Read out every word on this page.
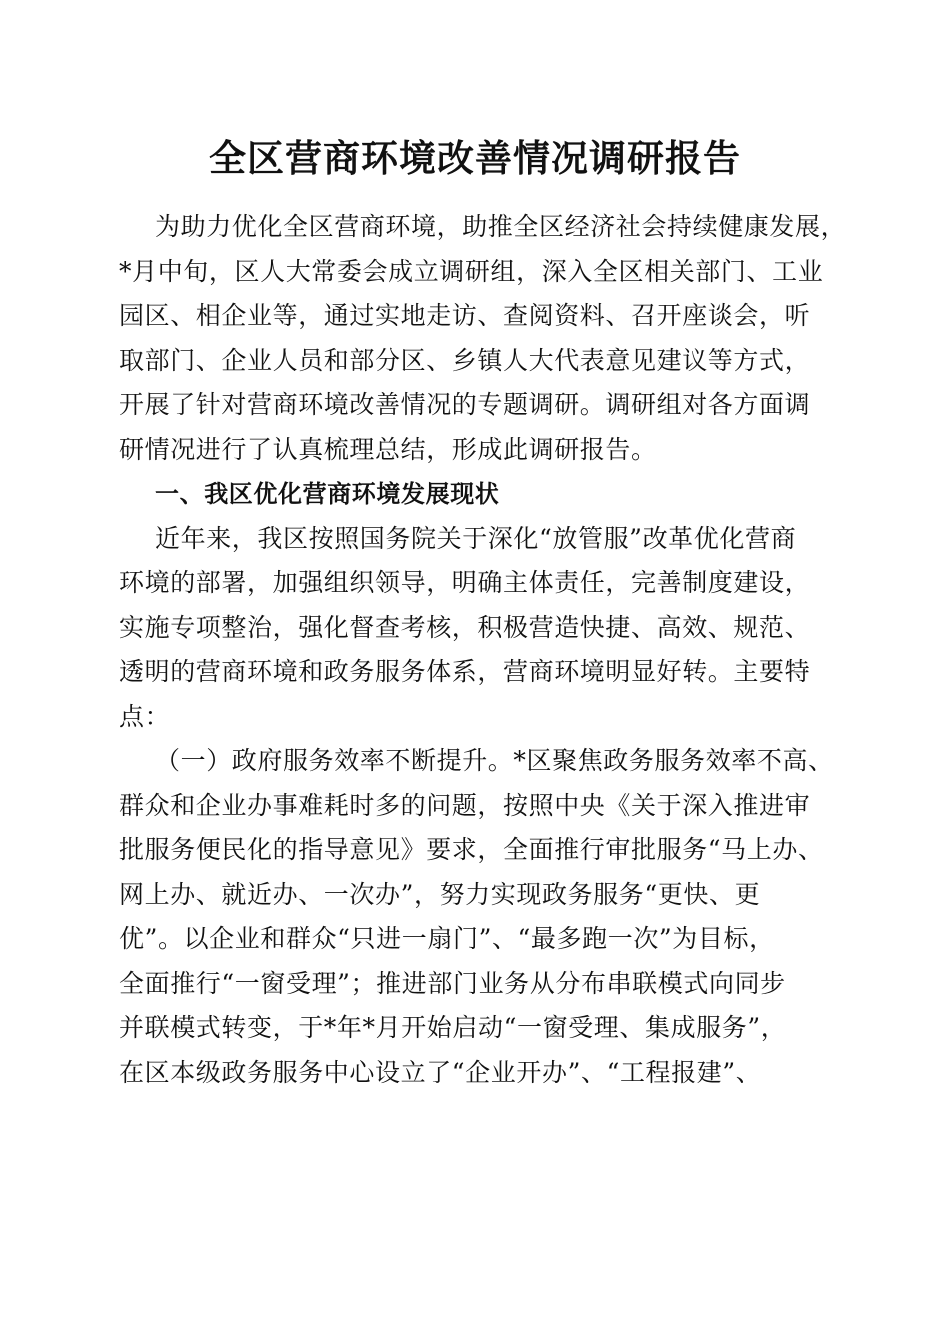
全区营商环境改善情况调研报告
为助力优化全区营商环境，助推全区经济社会持续健康发展，
*月中旬，区人大常委会成立调研组，深入全区相关部门、工业
园区、相企业等，通过实地走访、查阅资料、召开座谈会，听
取部门、企业人员和部分区、乡镇人大代表意见建议等方式，
开展了针对营商环境改善情况的专题调研。调研组对各方面调
研情况进行了认真梳理总结，形成此调研报告。
一、我区优化营商环境发展现状
近年来，我区按照国务院关于深化“放管服”改革优化营商
环境的部署，加强组织领导，明确主体责任，完善制度建设，
实施专项整治，强化督查考核，积极营造快捷、高效、规范、
透明的营商环境和政务服务体系，营商环境明显好转。主要特
点：
（一）政府服务效率不断提升。*区聚焦政务服务效率不高、
群众和企业办事难耗时多的问题，按照中央《关于深入推进审
批服务便民化的指导意见》要求，全面推行审批服务“马上办、
网上办、就近办、一次办”，努力实现政务服务“更快、更
优”。以企业和群众“只进一扇门”、“最多跑一次”为目标，
全面推行“一窗受理”；推进部门业务从分布串联模式向同步
并联模式转变，于*年*月开始启动“一窗受理、集成服务”，
在区本级政务服务中心设立了“企业开办”、“工程报建”、
